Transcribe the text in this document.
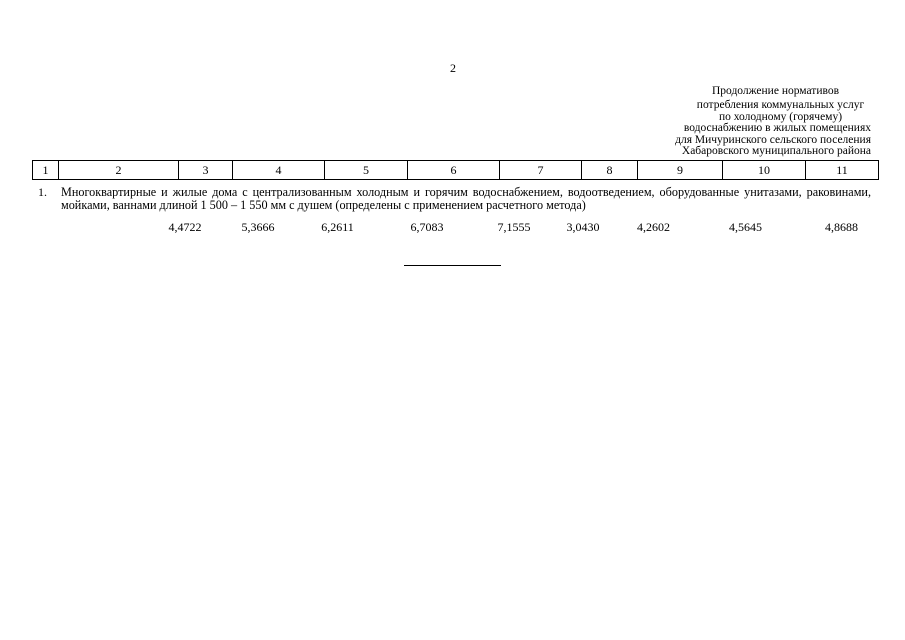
2
Продолжение нормативов
потребления коммунальных услуг
по холодному (горячему)
водоснабжению в жилых помещениях
для Мичуринского сельского поселения
Хабаровского муниципального района
1	2	3	4	5	6	7	8	9	10	11
1. Многоквартирные и жилые дома с централизованным холодным и горячим водоснабжением, водоотведением, оборудованные унитазами, раковинами, мойками, ваннами длиной 1 500 – 1 550 мм с душем (определены с применением расчетного метода)
4,4722	5,3666	6,2611	6,7083	7,1555	3,0430	4,2602	4,5645	4,8688
